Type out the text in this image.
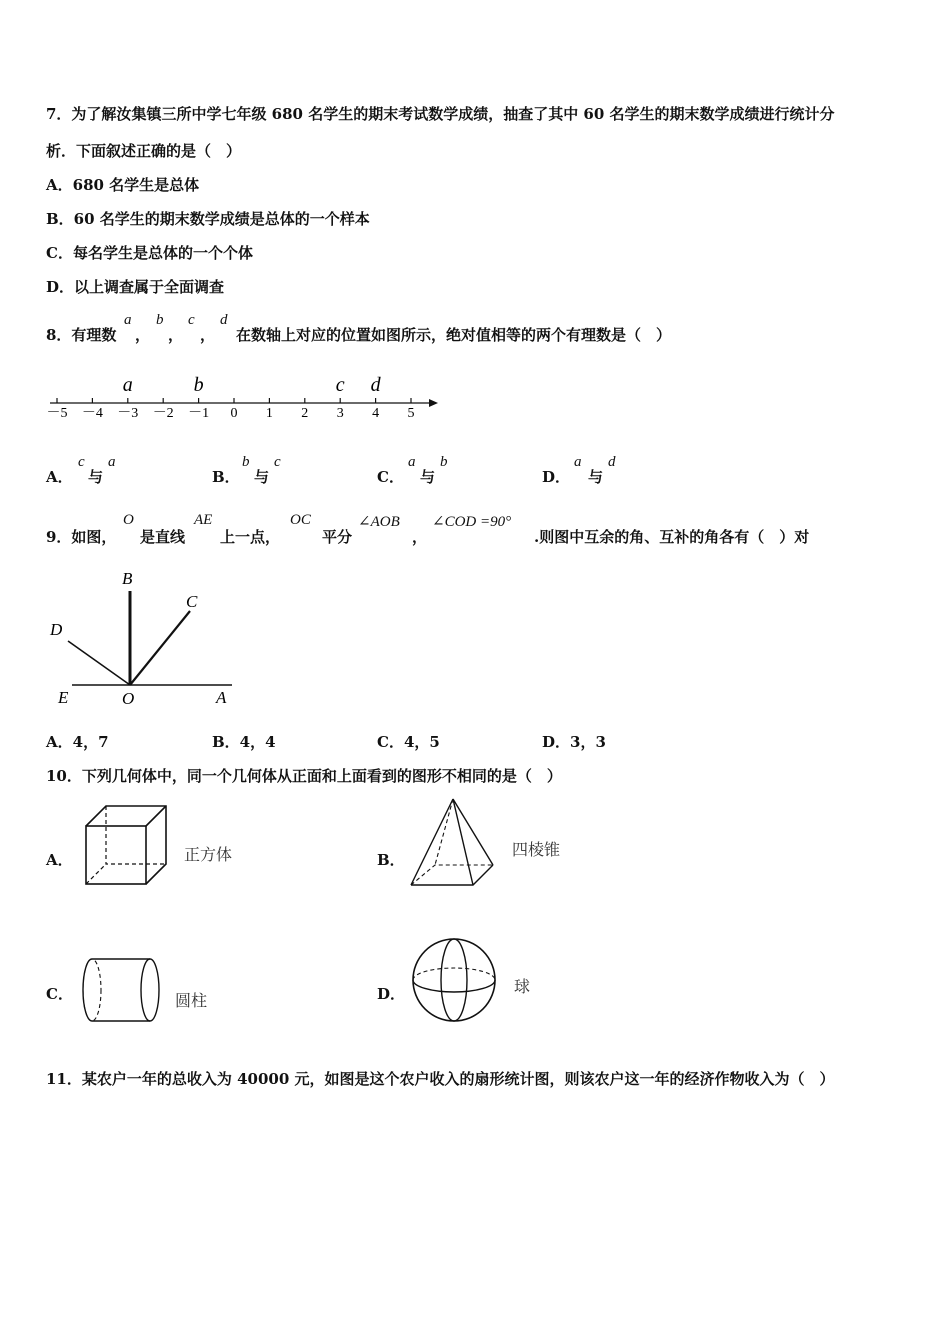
7．为了解汝集镇三所中学七年级 680 名学生的期末考试数学成绩，抽查了其中 60 名学生的期末数学成绩进行统计分
析．下面叙述正确的是（　）
A．680 名学生是总体
B．60 名学生的期末数学成绩是总体的一个样本
C．每名学生是总体的一个个体
D．以上调查属于全面调查
8．有理数
a
，
b
，
c
，
d
在数轴上对应的位置如图所示，绝对值相等的两个有理数是（　）
－5 －4 －3 －2 －1 0 1 2 3 4 5
a	b	c d
A．
c
与
a
B．
b
与
c
C．
a
与
b
D．
a
与
d
9．如图，
O
是直线
AE
上一点，
OC
平分
∠AOB
，
∠COD =90°
.则图中互余的角、互补的角各有（　）对
B
C
D
E	O	A
A．4，7	B．4，4	C．4，5	D．3，3
10．下列几何体中，同一个几何体从正面和上面看到的图形不相同的是（　）
A．	正方体	B．
四棱锥
C．	圆柱	D．	球
11．某农户一年的总收入为 40000 元，如图是这个农户收入的扇形统计图，则该农户这一年的经济作物收入为（　）
